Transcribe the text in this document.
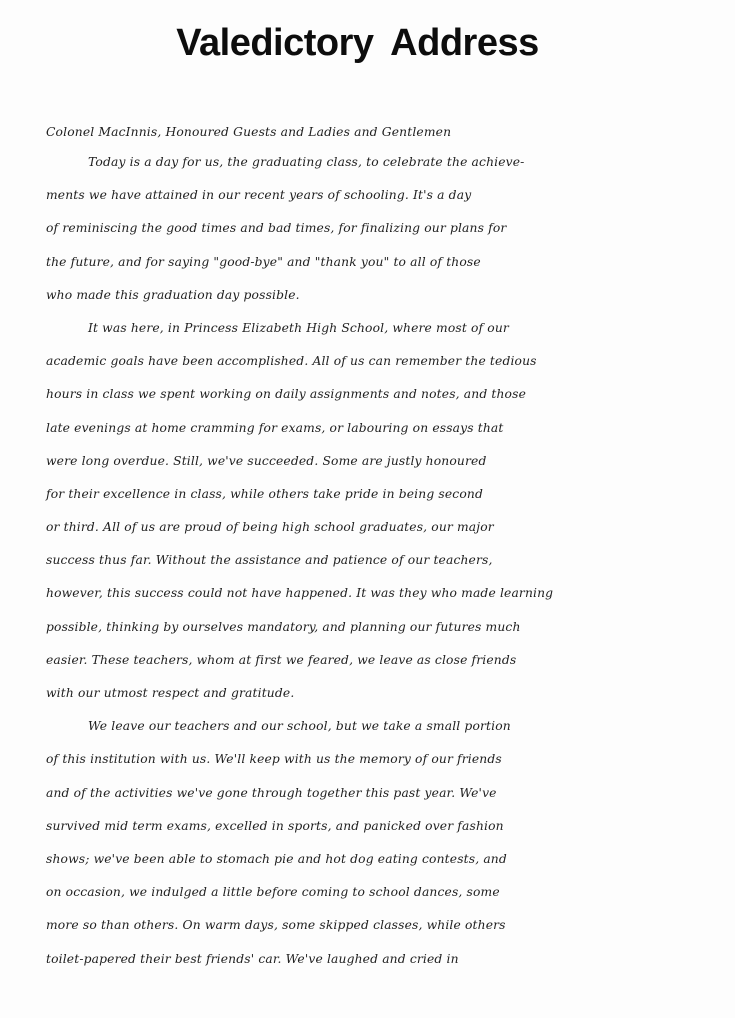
Valedictory Address
Colonel MacInnis, Honoured Guests and Ladies and Gentlemen
Today is a day for us, the graduating class, to celebrate the achieve-
ments we have attained in our recent years of schooling. It's a day
of reminiscing the good times and bad times, for finalizing our plans for
the future, and for saying "good-bye" and "thank you" to all of those
who made this graduation day possible.
It was here, in Princess Elizabeth High School, where most of our
academic goals have been accomplished. All of us can remember the tedious
hours in class we spent working on daily assignments and notes, and those
late evenings at home cramming for exams, or labouring on essays that
were long overdue. Still, we've succeeded. Some are justly honoured
for their excellence in class, while others take pride in being second
or third. All of us are proud of being high school graduates, our major
success thus far. Without the assistance and patience of our teachers,
however, this success could not have happened. It was they who made learning
possible, thinking by ourselves mandatory, and planning our futures much
easier. These teachers, whom at first we feared, we leave as close friends
with our utmost respect and gratitude.
We leave our teachers and our school, but we take a small portion
of this institution with us. We'll keep with us the memory of our friends
and of the activities we've gone through together this past year. We've
survived mid term exams, excelled in sports, and panicked over fashion
shows; we've been able to stomach pie and hot dog eating contests, and
on occasion, we indulged a little before coming to school dances, some
more so than others. On warm days, some skipped classes, while others
toilet-papered their best friends' car. We've laughed and cried in
